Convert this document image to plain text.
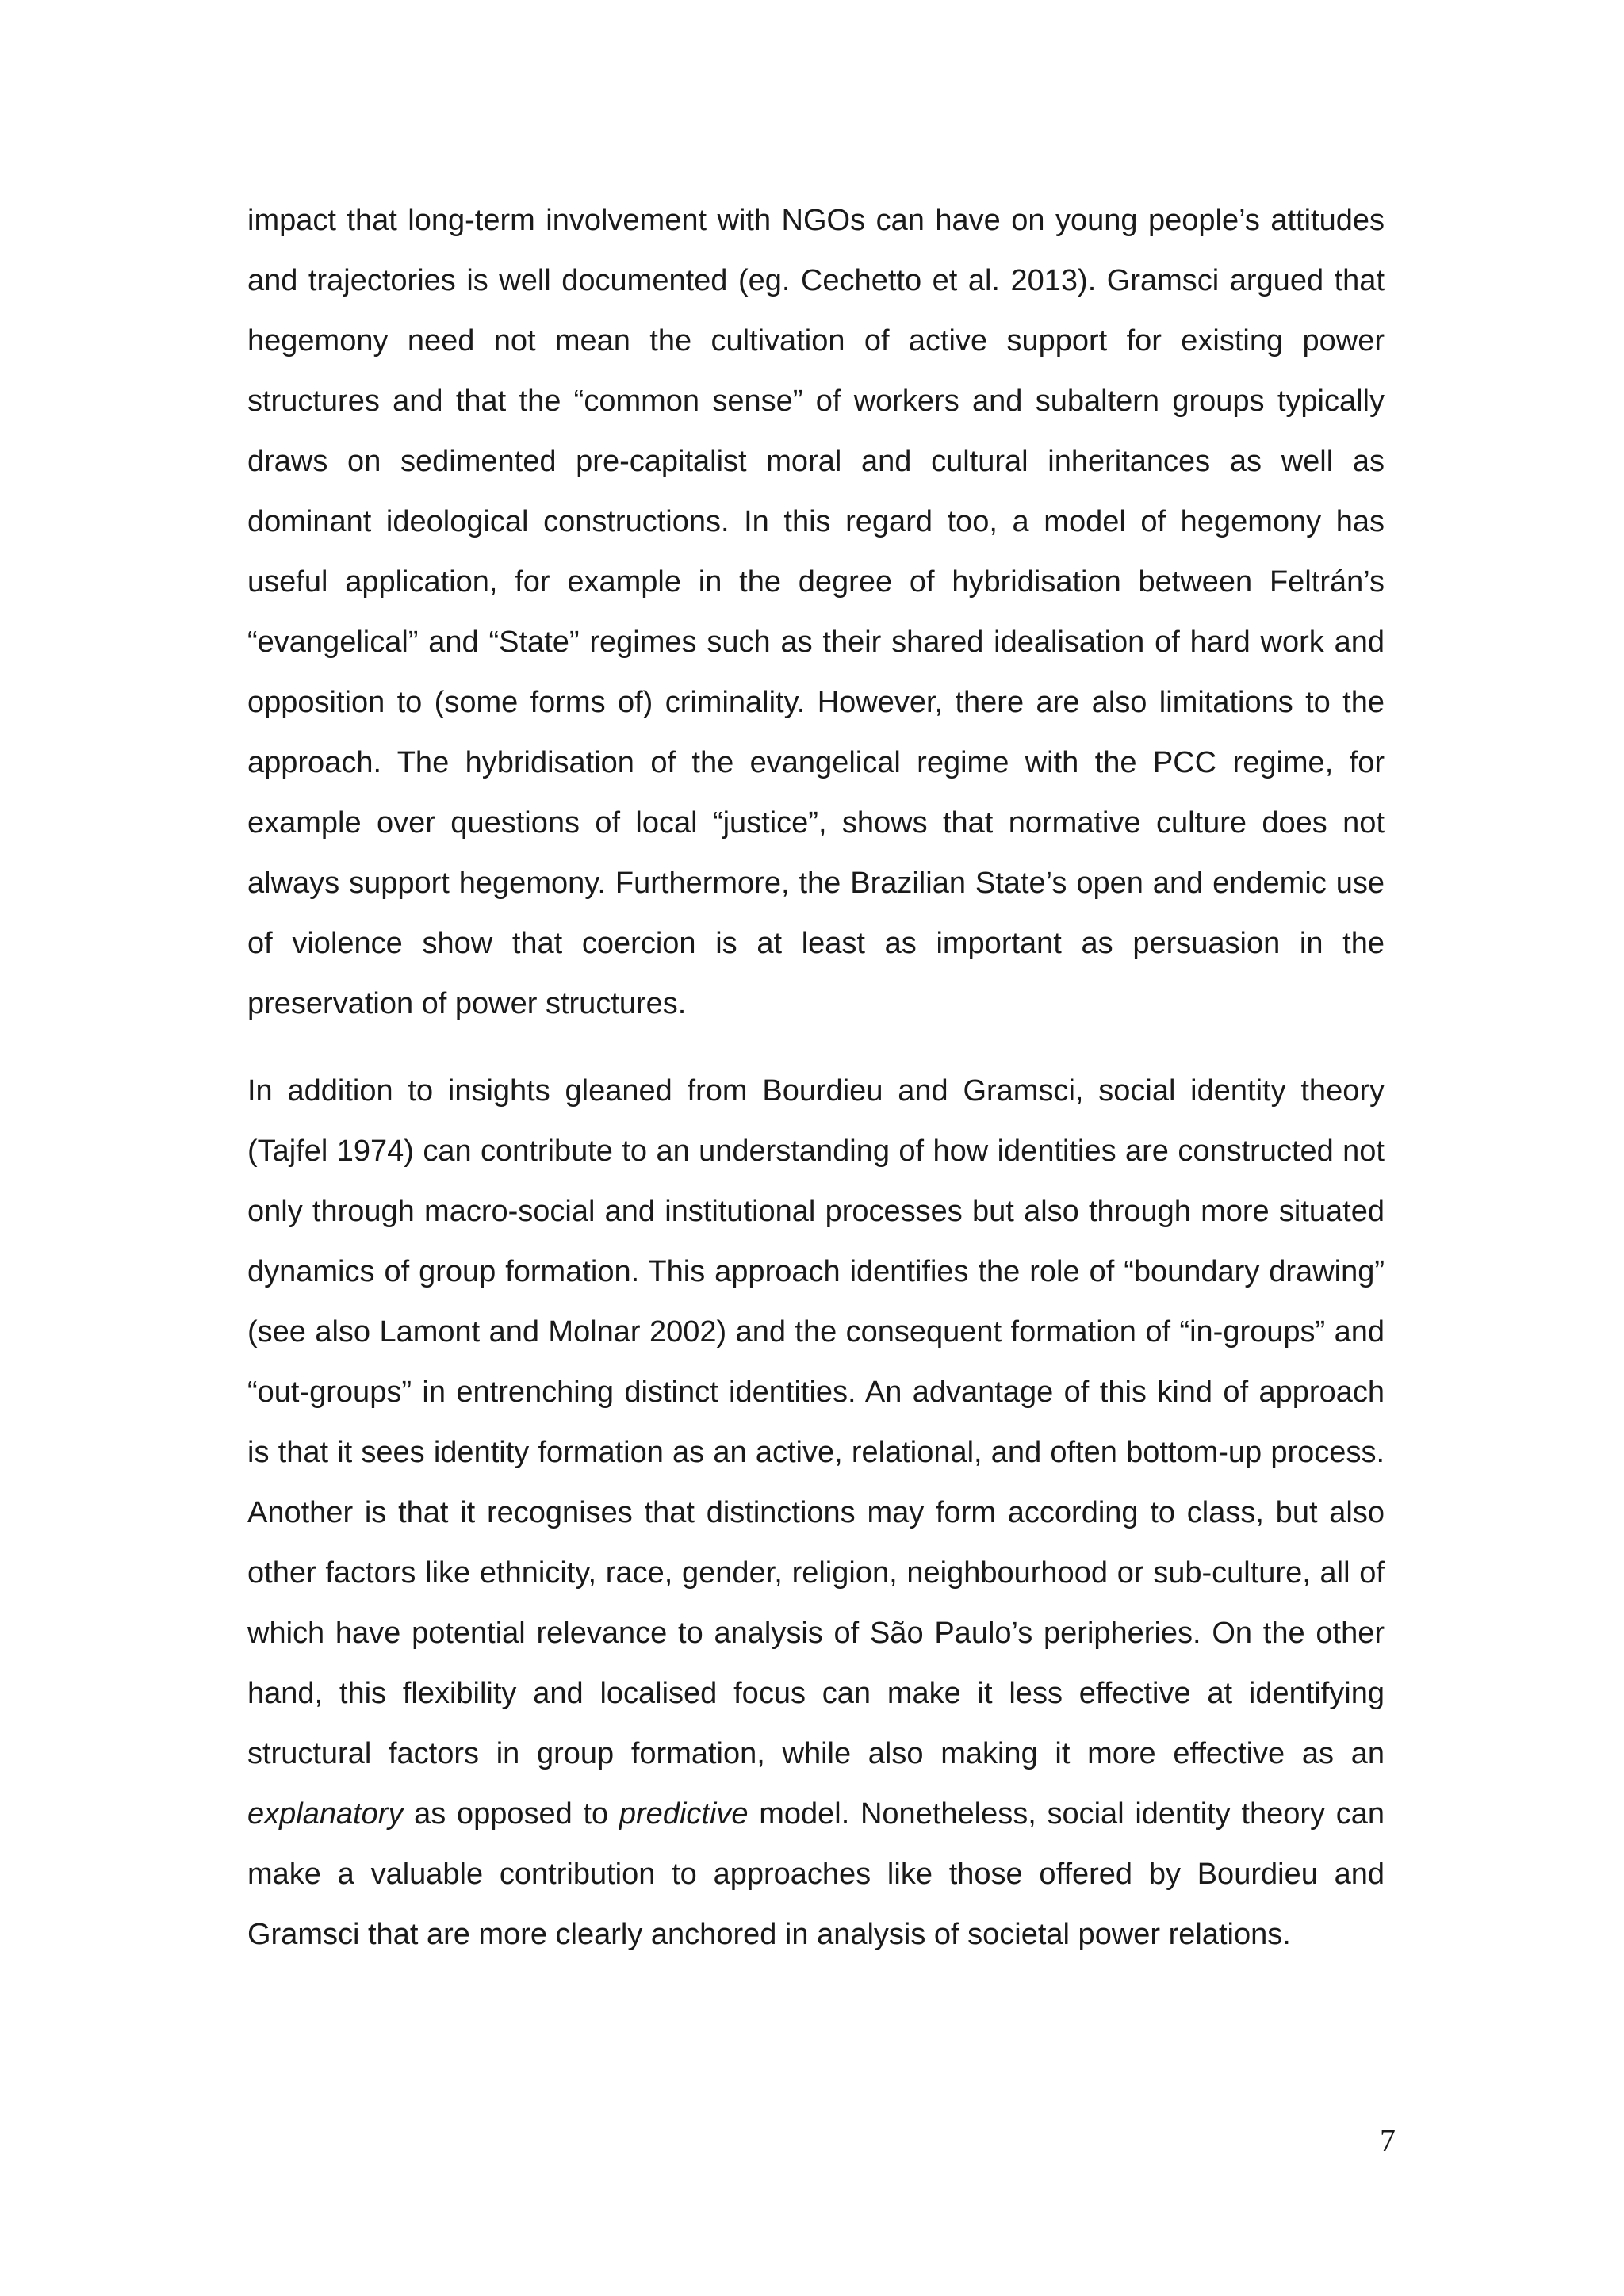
impact that long-term involvement with NGOs can have on young people’s attitudes and trajectories is well documented (eg. Cechetto et al. 2013). Gramsci argued that hegemony need not mean the cultivation of active support for existing power structures and that the “common sense” of workers and subaltern groups typically draws on sedimented pre-capitalist moral and cultural inheritances as well as dominant ideological constructions. In this regard too, a model of hegemony has useful application, for example in the degree of hybridisation between Feltrán’s “evangelical” and “State” regimes such as their shared idealisation of hard work and opposition to (some forms of) criminality. However, there are also limitations to the approach. The hybridisation of the evangelical regime with the PCC regime, for example over questions of local “justice”, shows that normative culture does not always support hegemony. Furthermore, the Brazilian State’s open and endemic use of violence show that coercion is at least as important as persuasion in the preservation of power structures.

In addition to insights gleaned from Bourdieu and Gramsci, social identity theory (Tajfel 1974) can contribute to an understanding of how identities are constructed not only through macro-social and institutional processes but also through more situated dynamics of group formation. This approach identifies the role of “boundary drawing” (see also Lamont and Molnar 2002) and the consequent formation of “in-groups” and “out-groups” in entrenching distinct identities. An advantage of this kind of approach is that it sees identity formation as an active, relational, and often bottom-up process. Another is that it recognises that distinctions may form according to class, but also other factors like ethnicity, race, gender, religion, neighbourhood or sub-culture, all of which have potential relevance to analysis of São Paulo’s peripheries. On the other hand, this flexibility and localised focus can make it less effective at identifying structural factors in group formation, while also making it more effective as an explanatory as opposed to predictive model. Nonetheless, social identity theory can make a valuable contribution to approaches like those offered by Bourdieu and Gramsci that are more clearly anchored in analysis of societal power relations.

7
